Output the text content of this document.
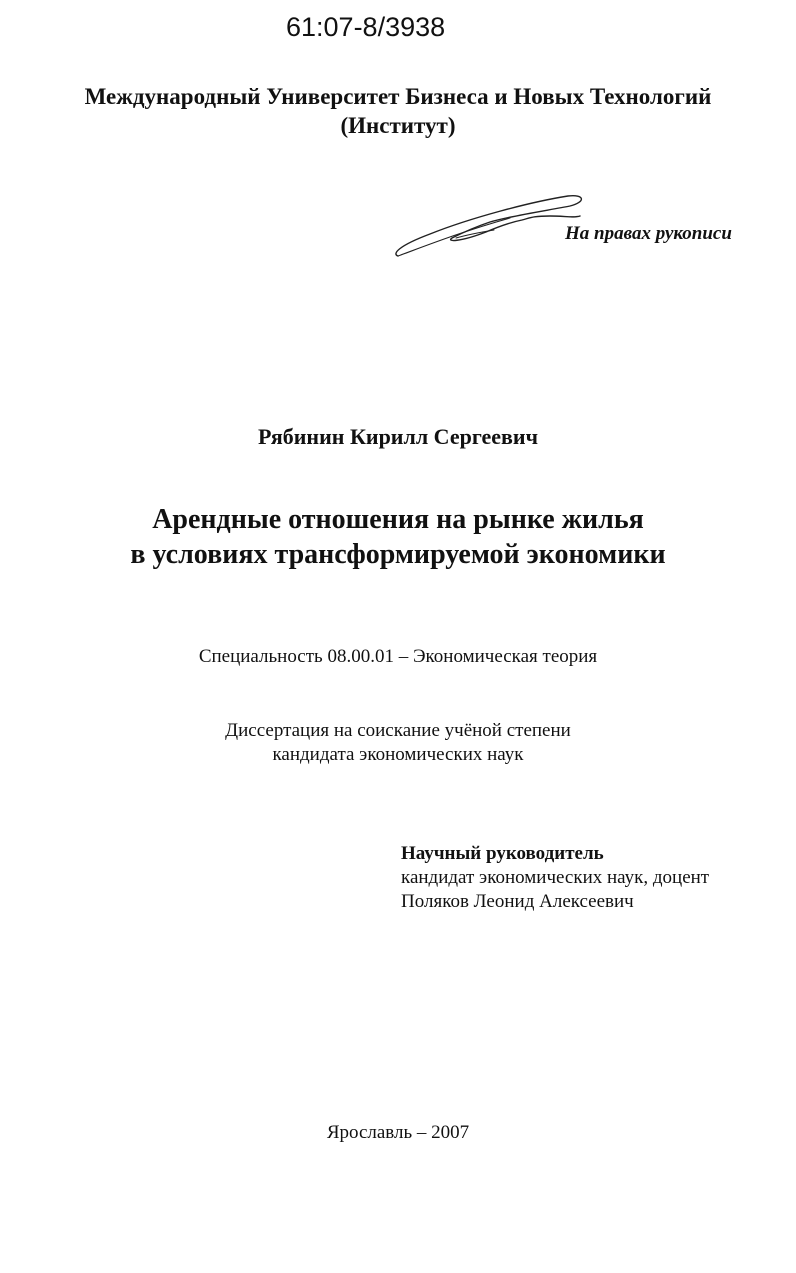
61:07-8/3938
Международный Университет Бизнеса и Новых Технологий
(Институт)
На правах рукописи
Рябинин Кирилл Сергеевич
Арендные отношения на рынке жилья
в условиях трансформируемой экономики
Специальность 08.00.01 – Экономическая теория
Диссертация на соискание учёной степени
кандидата экономических наук
Научный руководитель
кандидат экономических наук, доцент
Поляков Леонид Алексеевич
Ярославль – 2007
